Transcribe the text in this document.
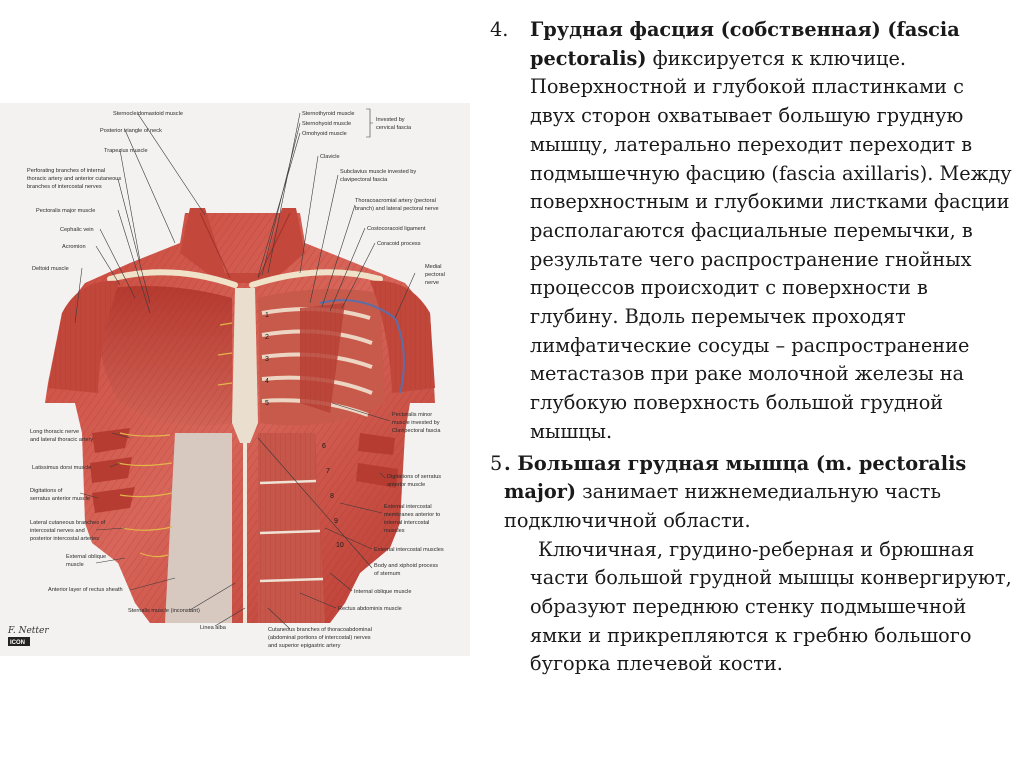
Sternocleidomastoid muscle
Posterior triangle of neck
Trapezius muscle
Perforating branches of internal
thoracic artery and anterior cutaneous
branches of intercostal nerves
Pectoralis major muscle
Cephalic vein
Acromion
Deltoid muscle
Long thoracic nerve
and lateral thoracic artery
Latissimus dorsi muscle
Digitations of
serratus anterior muscle
Lateral cutaneous branches of
intercostal nerves and
posterior intercostal arteries
External oblique
muscle
Anterior layer of rectus sheath
Sternalis muscle (inconstant)
Linea alba
Sternothyroid muscle
Sternohyoid muscle
Omohyoid muscle
Invested by
cervical fascia
Clavicle
Subclavius muscle invested by
clavipectoral fascia
Thoracoacromial artery (pectoral
branch) and lateral pectoral nerve
Costocoracoid ligament
Coracoid process
Medial
pectoral
nerve
Pectoralis minor
muscle invested by
Clavipectoral fascia
Digitations of serratus
anterior muscle
External intercostal
membranes anterior to
internal intercostal
muscles
External intercostal muscles
Body and xiphoid process
of sternum
Internal oblique muscle
Rectus abdominis muscle
Cutaneous branches of thoracoabdominal
(abdominal portions of intercostal) nerves
and superior epigastric artery
1
2
3
4
5
6
7
8
9
10
F. Netter
ICON
4.	Грудная фасция (собственная) (fascia pectoralis) фиксируется к ключице. Поверхностной и глубокой пластинками с двух сторон охватывает большую грудную мышцу, латерально переходит переходит в подмышечную фасцию (fascia axillaris). Между поверхностным и глубокими листками фасции располагаются фасциальные перемычки, в результате чего распространение гнойных процессов происходит с поверхности в глубину. Вдоль перемычек проходят лимфатические сосуды – распространение метастазов при раке молочной железы на глубокую поверхность большой грудной мышцы.

5 . Большая грудная мышца (m. pectoralis major) занимает нижнемедиальную часть подключичной области.

Ключичная, грудино-реберная и брюшная части большой грудной мышцы конвергируют, образуют переднюю стенку подмышечной ямки и прикрепляются к гребню большого бугорка плечевой кости.
